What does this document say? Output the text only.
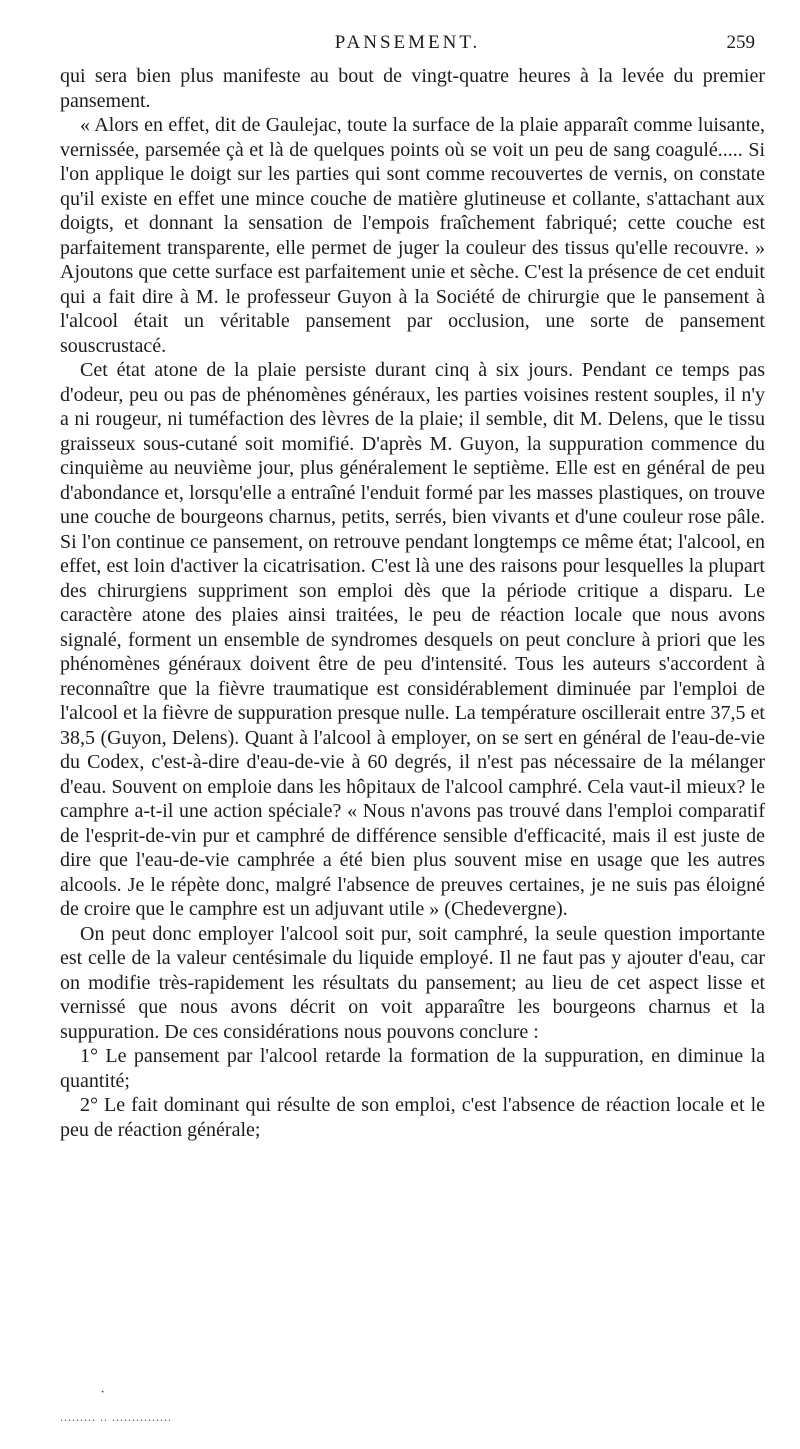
PANSEMENT.	259

qui sera bien plus manifeste au bout de vingt-quatre heures à la levée du premier pansement.

« Alors en effet, dit de Gaulejac, toute la surface de la plaie apparaît comme luisante, vernissée, parsemée çà et là de quelques points où se voit un peu de sang coagulé..... Si l'on applique le doigt sur les parties qui sont comme recouvertes de vernis, on constate qu'il existe en effet une mince couche de matière glutineuse et collante, s'attachant aux doigts, et donnant la sensation de l'empois fraîchement fabriqué; cette couche est parfaitement transparente, elle permet de juger la couleur des tissus qu'elle recouvre. » Ajoutons que cette surface est parfaitement unie et sèche. C'est la présence de cet enduit qui a fait dire à M. le professeur Guyon à la Société de chirurgie que le pansement à l'alcool était un véritable pansement par occlusion, une sorte de pansement souscrustacé.

Cet état atone de la plaie persiste durant cinq à six jours. Pendant ce temps pas d'odeur, peu ou pas de phénomènes généraux, les parties voisines restent souples, il n'y a ni rougeur, ni tuméfaction des lèvres de la plaie; il semble, dit M. Delens, que le tissu graisseux sous-cutané soit momifié. D'après M. Guyon, la suppuration commence du cinquième au neuvième jour, plus généralement le septième. Elle est en général de peu d'abondance et, lorsqu'elle a entraîné l'enduit formé par les masses plastiques, on trouve une couche de bourgeons charnus, petits, serrés, bien vivants et d'une couleur rose pâle. Si l'on continue ce pansement, on retrouve pendant longtemps ce même état; l'alcool, en effet, est loin d'activer la cicatrisation. C'est là une des raisons pour lesquelles la plupart des chirurgiens suppriment son emploi dès que la période critique a disparu. Le caractère atone des plaies ainsi traitées, le peu de réaction locale que nous avons signalé, forment un ensemble de syndromes desquels on peut conclure à priori que les phénomènes généraux doivent être de peu d'intensité. Tous les auteurs s'accordent à reconnaître que la fièvre traumatique est considérablement diminuée par l'emploi de l'alcool et la fièvre de suppuration presque nulle. La température oscillerait entre 37,5 et 38,5 (Guyon, Delens). Quant à l'alcool à employer, on se sert en général de l'eau-de-vie du Codex, c'est-à-dire d'eau-de-vie à 60 degrés, il n'est pas nécessaire de la mélanger d'eau. Souvent on emploie dans les hôpitaux de l'alcool camphré. Cela vaut-il mieux? le camphre a-t-il une action spéciale? « Nous n'avons pas trouvé dans l'emploi comparatif de l'esprit-de-vin pur et camphré de différence sensible d'efficacité, mais il est juste de dire que l'eau-de-vie camphrée a été bien plus souvent mise en usage que les autres alcools. Je le répète donc, malgré l'absence de preuves certaines, je ne suis pas éloigné de croire que le camphre est un adjuvant utile » (Chedevergne).

On peut donc employer l'alcool soit pur, soit camphré, la seule question importante est celle de la valeur centésimale du liquide employé. Il ne faut pas y ajouter d'eau, car on modifie très-rapidement les résultats du pansement; au lieu de cet aspect lisse et vernissé que nous avons décrit on voit apparaître les bourgeons charnus et la suppuration. De ces considérations nous pouvons conclure :

1° Le pansement par l'alcool retarde la formation de la suppuration, en diminue la quantité;

2° Le fait dominant qui résulte de son emploi, c'est l'absence de réaction locale et le peu de réaction générale;

·
......... .. ...............
